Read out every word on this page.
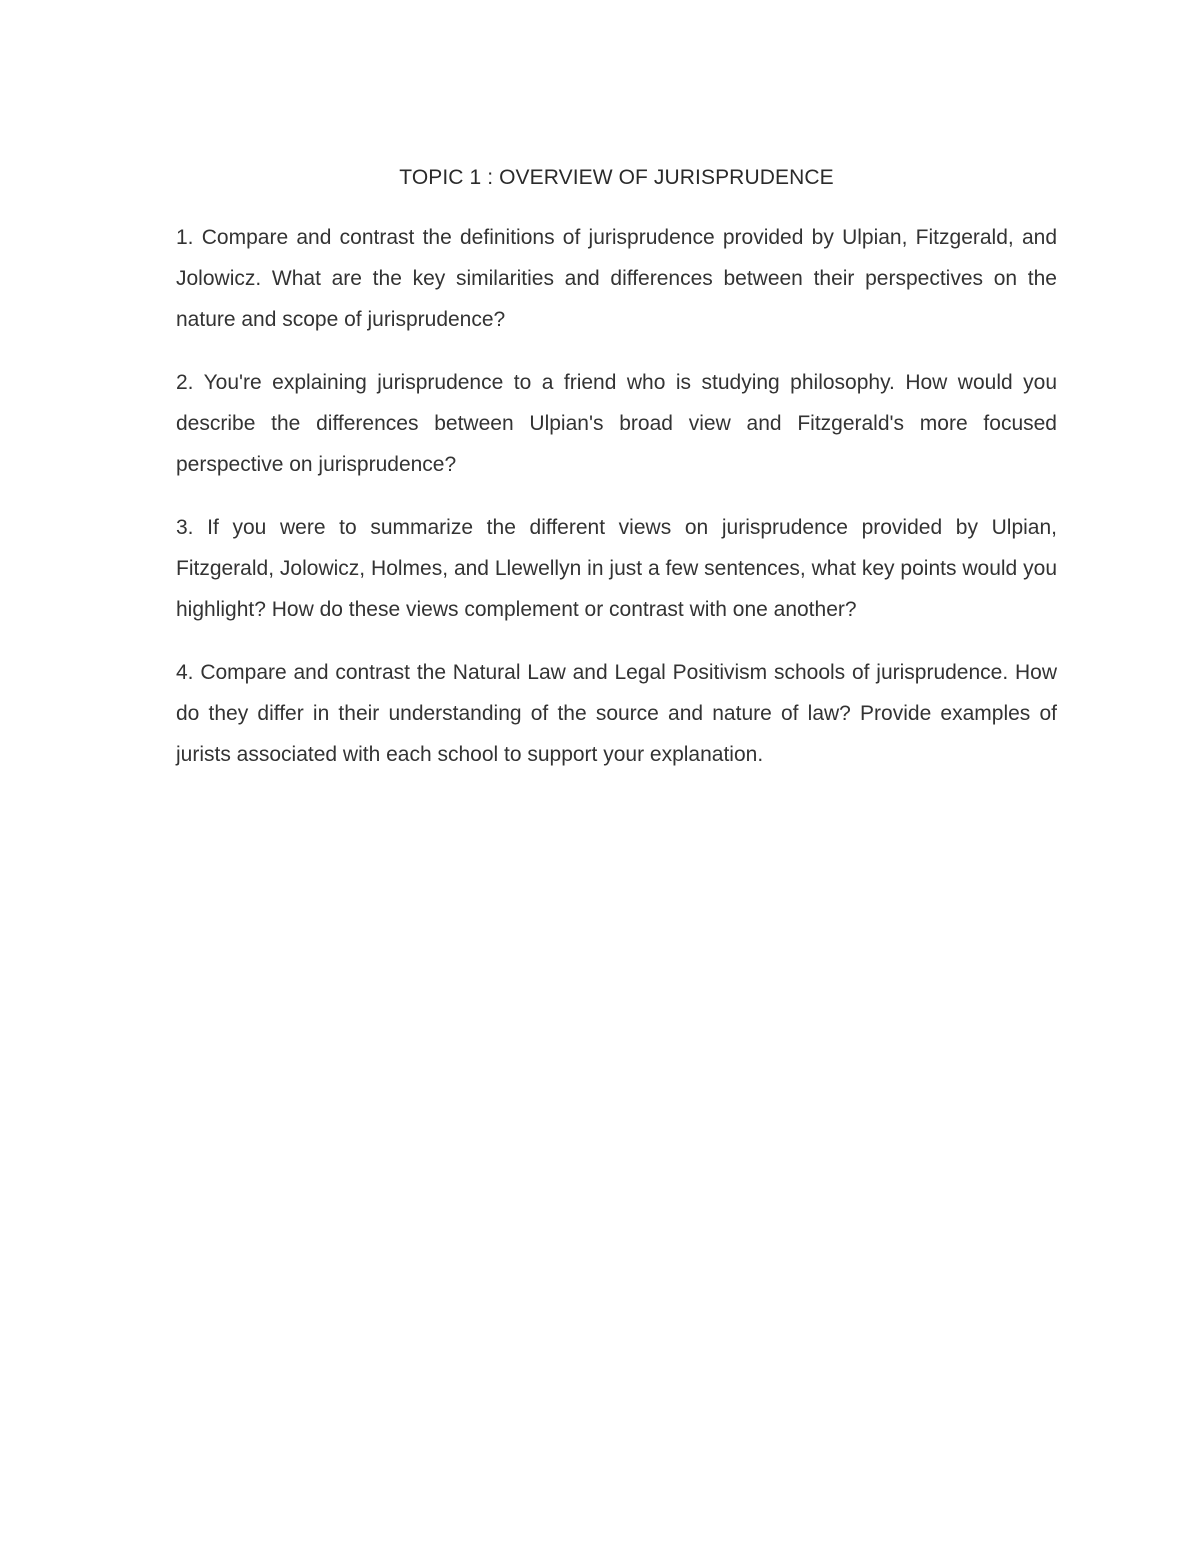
TOPIC 1 : OVERVIEW OF JURISPRUDENCE

1. Compare and contrast the definitions of jurisprudence provided by Ulpian, Fitzgerald, and Jolowicz. What are the key similarities and differences between their perspectives on the nature and scope of jurisprudence?

2. You're explaining jurisprudence to a friend who is studying philosophy. How would you describe the differences between Ulpian's broad view and Fitzgerald's more focused perspective on jurisprudence?

3. If you were to summarize the different views on jurisprudence provided by Ulpian, Fitzgerald, Jolowicz, Holmes, and Llewellyn in just a few sentences, what key points would you highlight? How do these views complement or contrast with one another?

4. Compare and contrast the Natural Law and Legal Positivism schools of jurisprudence. How do they differ in their understanding of the source and nature of law? Provide examples of jurists associated with each school to support your explanation.
